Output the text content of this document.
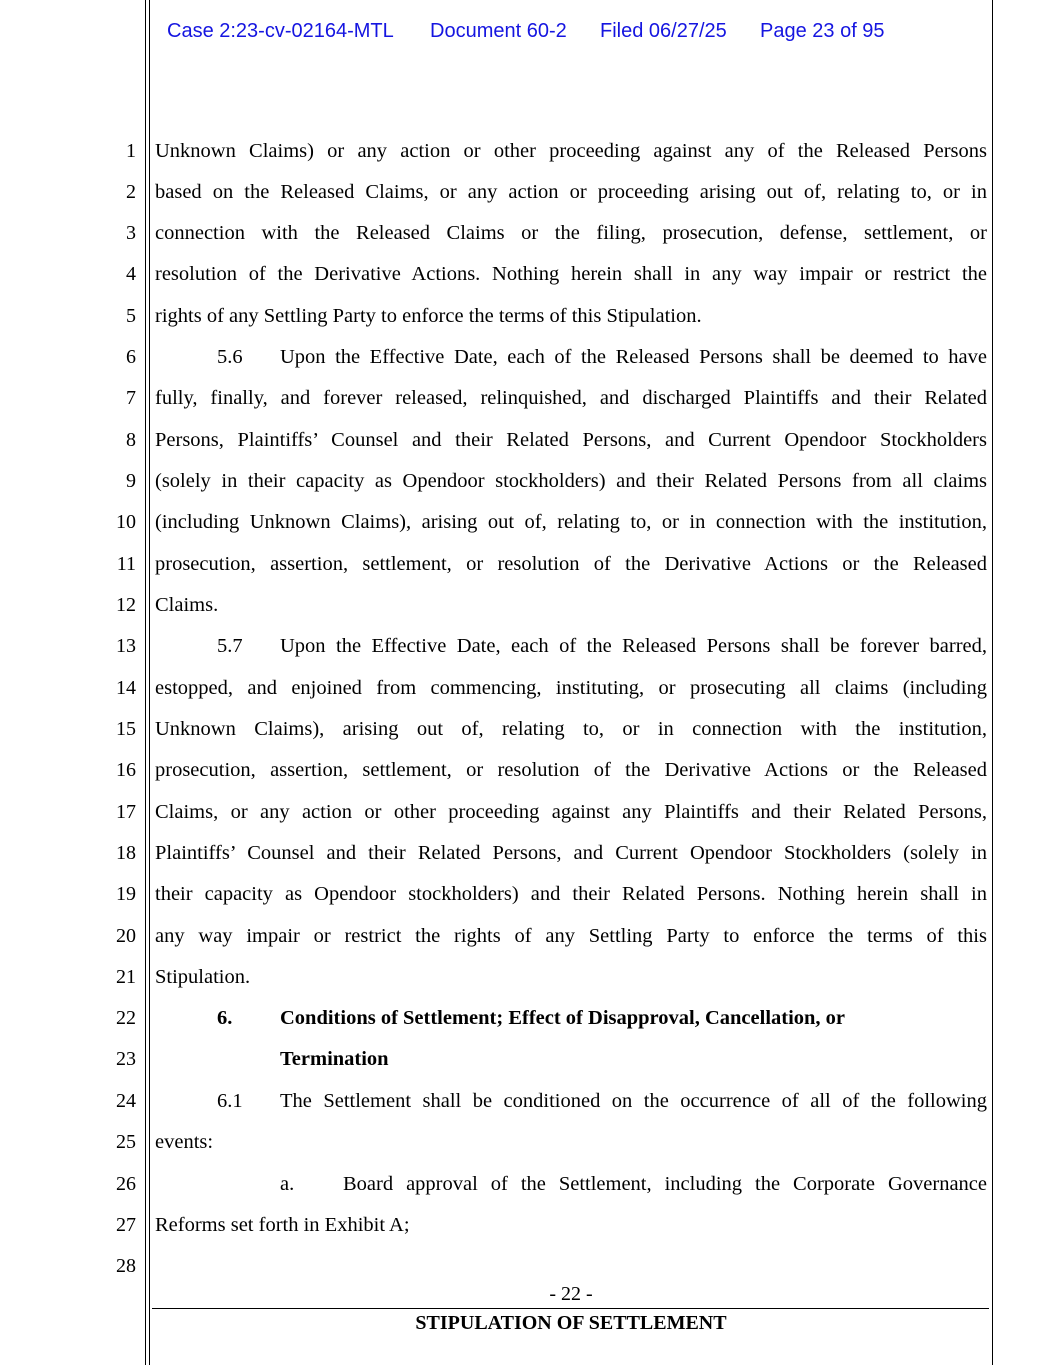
Case 2:23-cv-02164-MTL Document 60-2 Filed 06/27/25 Page 23 of 95
1
2
3
4
5
6
7
8
9
10
11
12
13
14
15
16
17
18
19
20
21
22
23
24
25
26
27
28
Unknown Claims) or any action or other proceeding against any of the Released Persons
based on the Released Claims, or any action or proceeding arising out of, relating to, or in
connection with the Released Claims or the filing, prosecution, defense, settlement, or
resolution of the Derivative Actions. Nothing herein shall in any way impair or restrict the
rights of any Settling Party to enforce the terms of this Stipulation.
5.6	Upon the Effective Date, each of the Released Persons shall be deemed to have
fully, finally, and forever released, relinquished, and discharged Plaintiffs and their Related
Persons, Plaintiffs’ Counsel and their Related Persons, and Current Opendoor Stockholders
(solely in their capacity as Opendoor stockholders) and their Related Persons from all claims
(including Unknown Claims), arising out of, relating to, or in connection with the institution,
prosecution, assertion, settlement, or resolution of the Derivative Actions or the Released
Claims.
5.7	Upon the Effective Date, each of the Released Persons shall be forever barred,
estopped, and enjoined from commencing, instituting, or prosecuting all claims (including
Unknown Claims), arising out of, relating to, or in connection with the institution,
prosecution, assertion, settlement, or resolution of the Derivative Actions or the Released
Claims, or any action or other proceeding against any Plaintiffs and their Related Persons,
Plaintiffs’ Counsel and their Related Persons, and Current Opendoor Stockholders (solely in
their capacity as Opendoor stockholders) and their Related Persons. Nothing herein shall in
any way impair or restrict the rights of any Settling Party to enforce the terms of this
Stipulation.
6.	Conditions of Settlement; Effect of Disapproval, Cancellation, or
Termination
6.1	The Settlement shall be conditioned on the occurrence of all of the following
events:
a.	Board approval of the Settlement, including the Corporate Governance
Reforms set forth in Exhibit A;
- 22 -
STIPULATION OF SETTLEMENT
